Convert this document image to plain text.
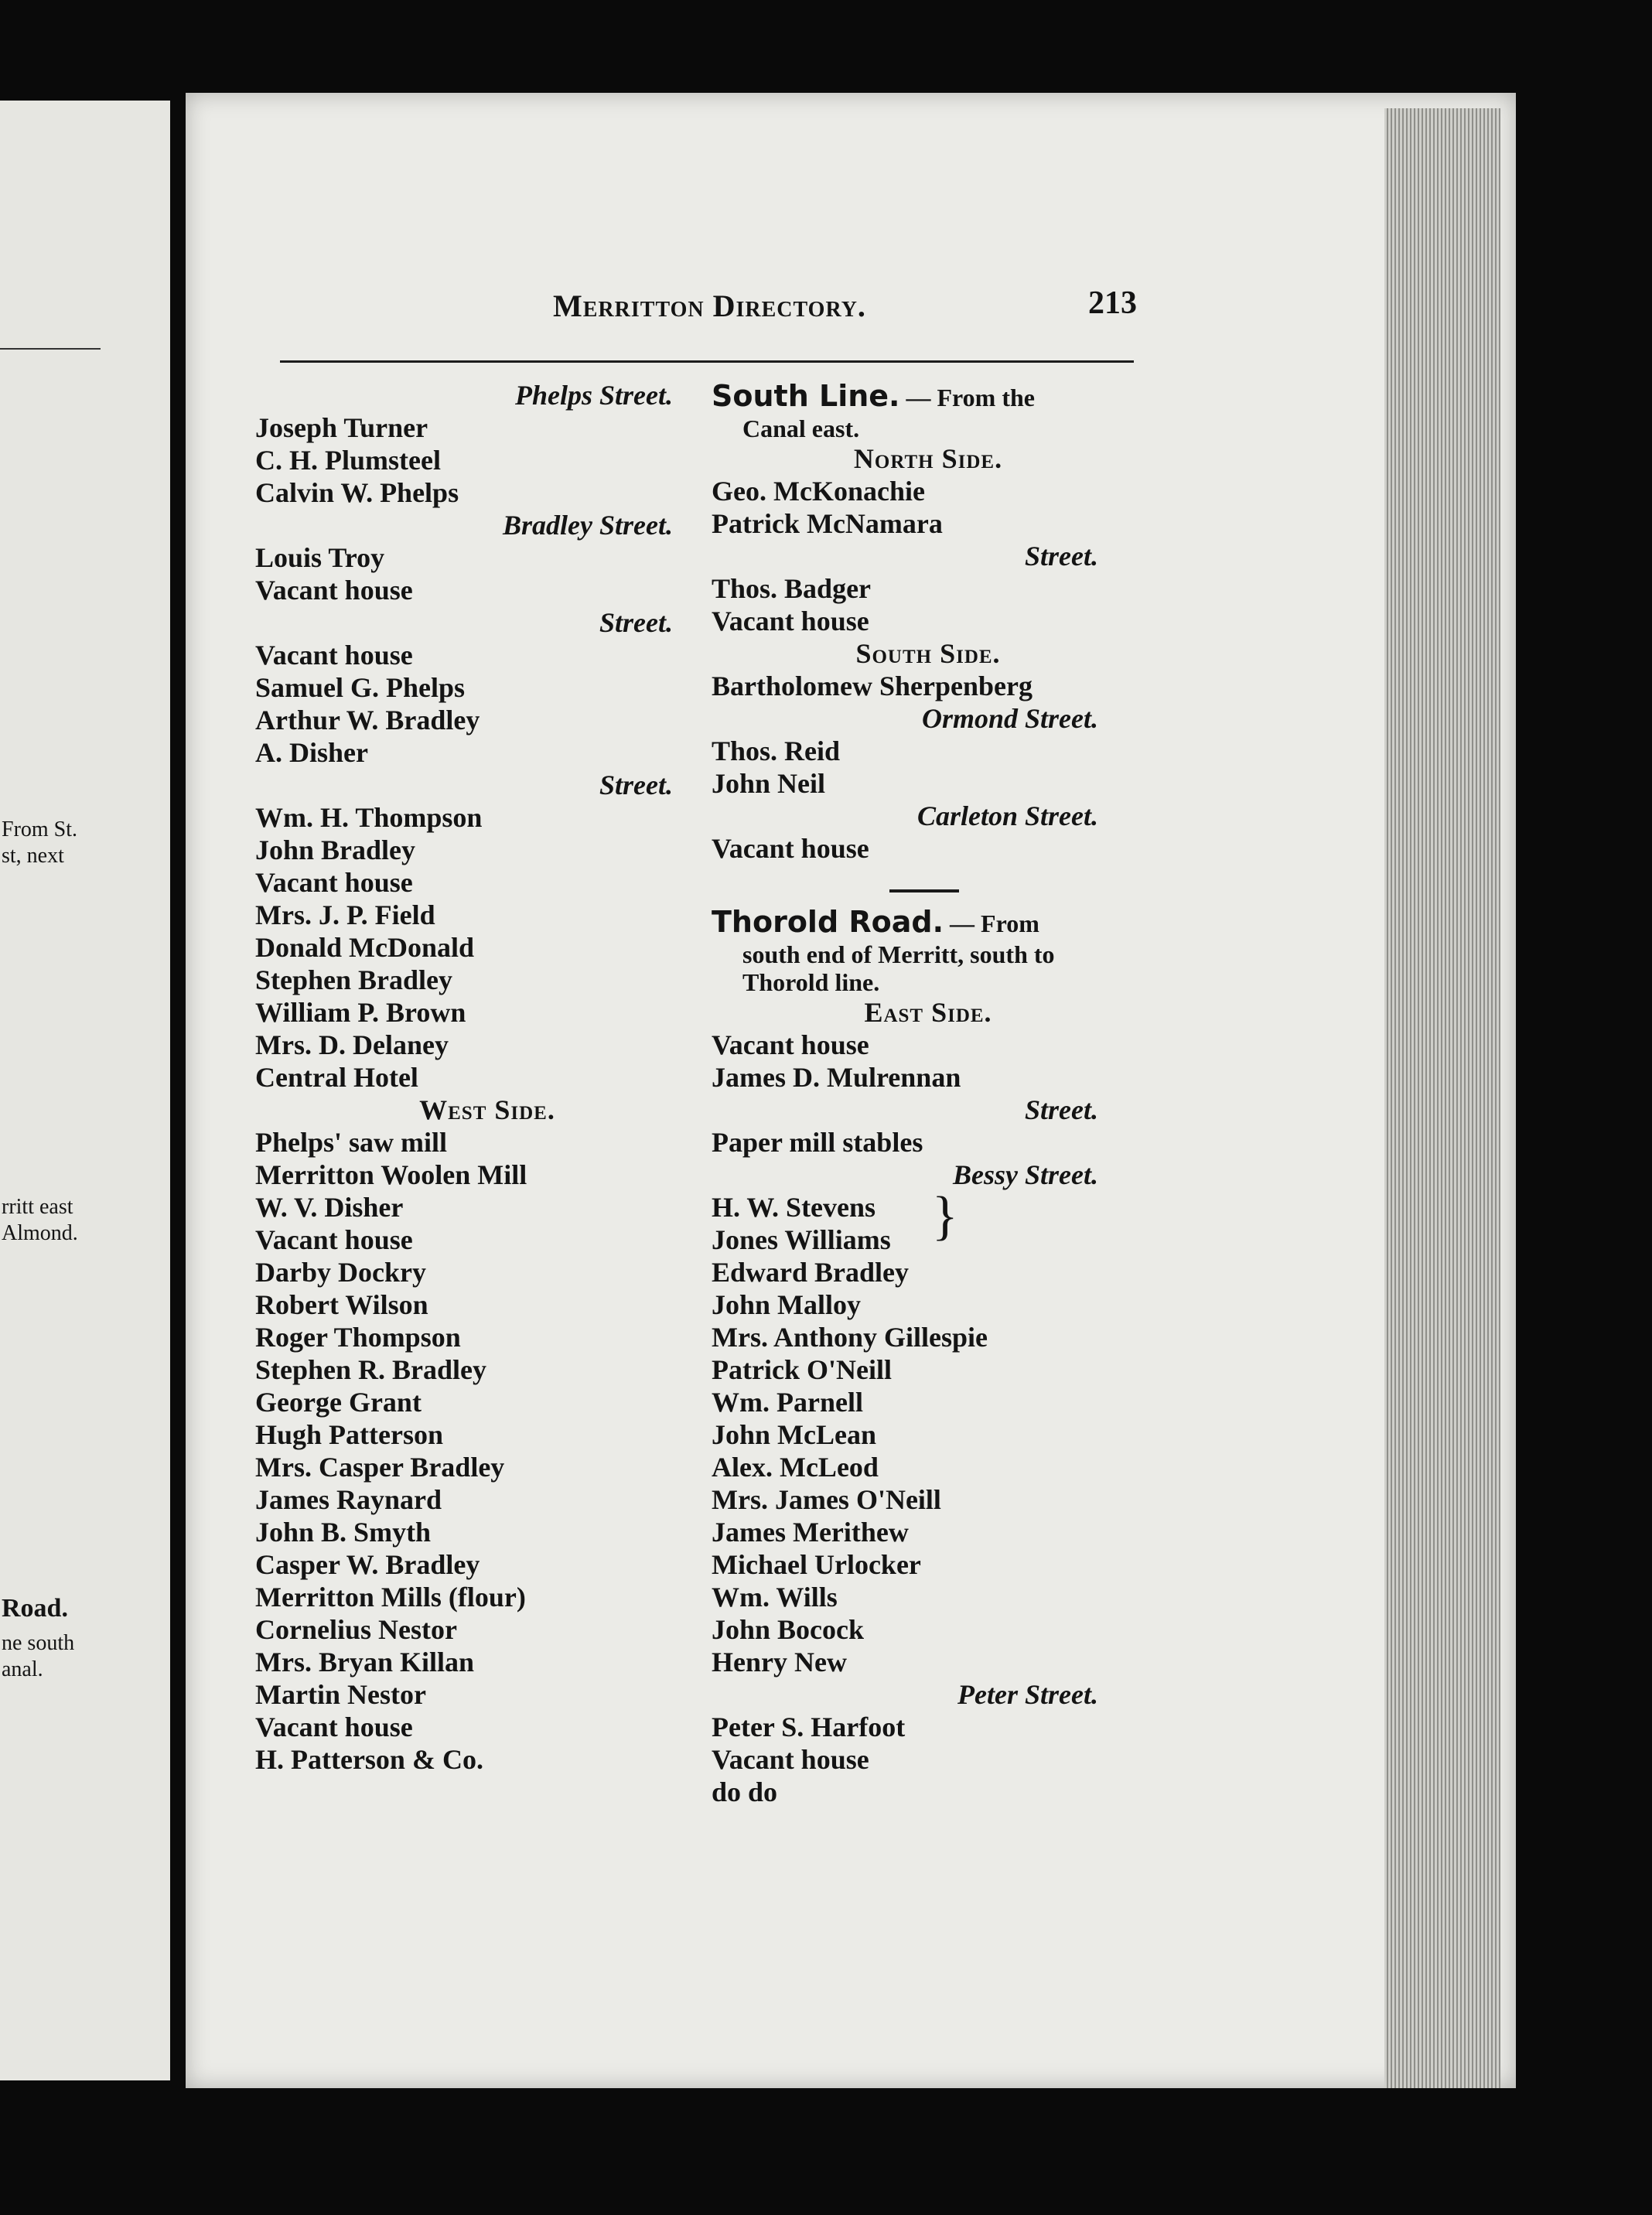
From St.
st, next
rritt east
Almond.
Road.
ne south
anal.
Merritton Directory.	213
Phelps Street.
Joseph Turner
C. H. Plumsteel
Calvin W. Phelps
Bradley Street.
Louis Troy
Vacant house
Street.
Vacant house
Samuel G. Phelps
Arthur W. Bradley
A. Disher
Street.
Wm. H. Thompson
John Bradley
Vacant house
Mrs. J. P. Field
Donald McDonald
Stephen Bradley
William P. Brown
Mrs. D. Delaney
Central Hotel
West Side.
Phelps' saw mill
Merritton Woolen Mill
W. V. Disher
Vacant house
Darby Dockry
Robert Wilson
Roger Thompson
Stephen R. Bradley
George Grant
Hugh Patterson
Mrs. Casper Bradley
James Raynard
John B. Smyth
Casper W. Bradley
Merritton Mills (flour)
Cornelius Nestor
Mrs. Bryan Killan
Martin Nestor
Vacant house
H. Patterson & Co.
South Line. — From the
Canal east.
North Side.
Geo. McKonachie
Patrick McNamara
Street.
Thos. Badger
Vacant house
South Side.
Bartholomew Sherpenberg
Ormond Street.
Thos. Reid
John Neil
Carleton Street.
Vacant house
Thorold Road. — From
south end of Merritt, south to
Thorold line.
East Side.
Vacant house
James D. Mulrennan
Street.
Paper mill stables
Bessy Street.
H. W. Stevens
Jones Williams
Edward Bradley
John Malloy
Mrs. Anthony Gillespie
Patrick O'Neill
Wm. Parnell
John McLean
Alex. McLeod
Mrs. James O'Neill
James Merithew
Michael Urlocker
Wm. Wills
John Bocock
Henry New
Peter Street.
Peter S. Harfoot
Vacant house
do do
}
